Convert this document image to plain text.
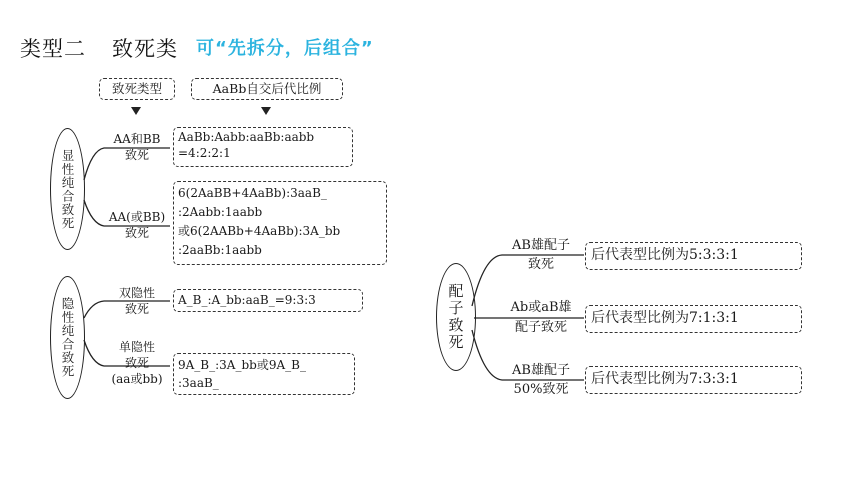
类型二 致死类 可“先拆分，后组合”
致死类型	AaBb自交后代比例
显性纯合致死
AA和BB
致死
AaBb:Aabb:aaBb:aabb
=4:2:2:1
AA(或BB)
致死
6(2AaBB+4AaBb):3aaB_
:2Aabb:1aabb
或6(2AABb+4AaBb):3A_bb
:2aaBb:1aabb
隐性纯合致死
双隐性
致死
A_B_:A_bb:aaB_=9:3:3
单隐性
致死
(aa或bb)
9A_B_:3A_bb或9A_B_
:3aaB_
配子致死
AB雄配子
致死
后代表型比例为5:3:3:1
Ab或aB雄
配子致死
后代表型比例为7:1:3:1
AB雄配子
50%致死
后代表型比例为7:3:3:1
